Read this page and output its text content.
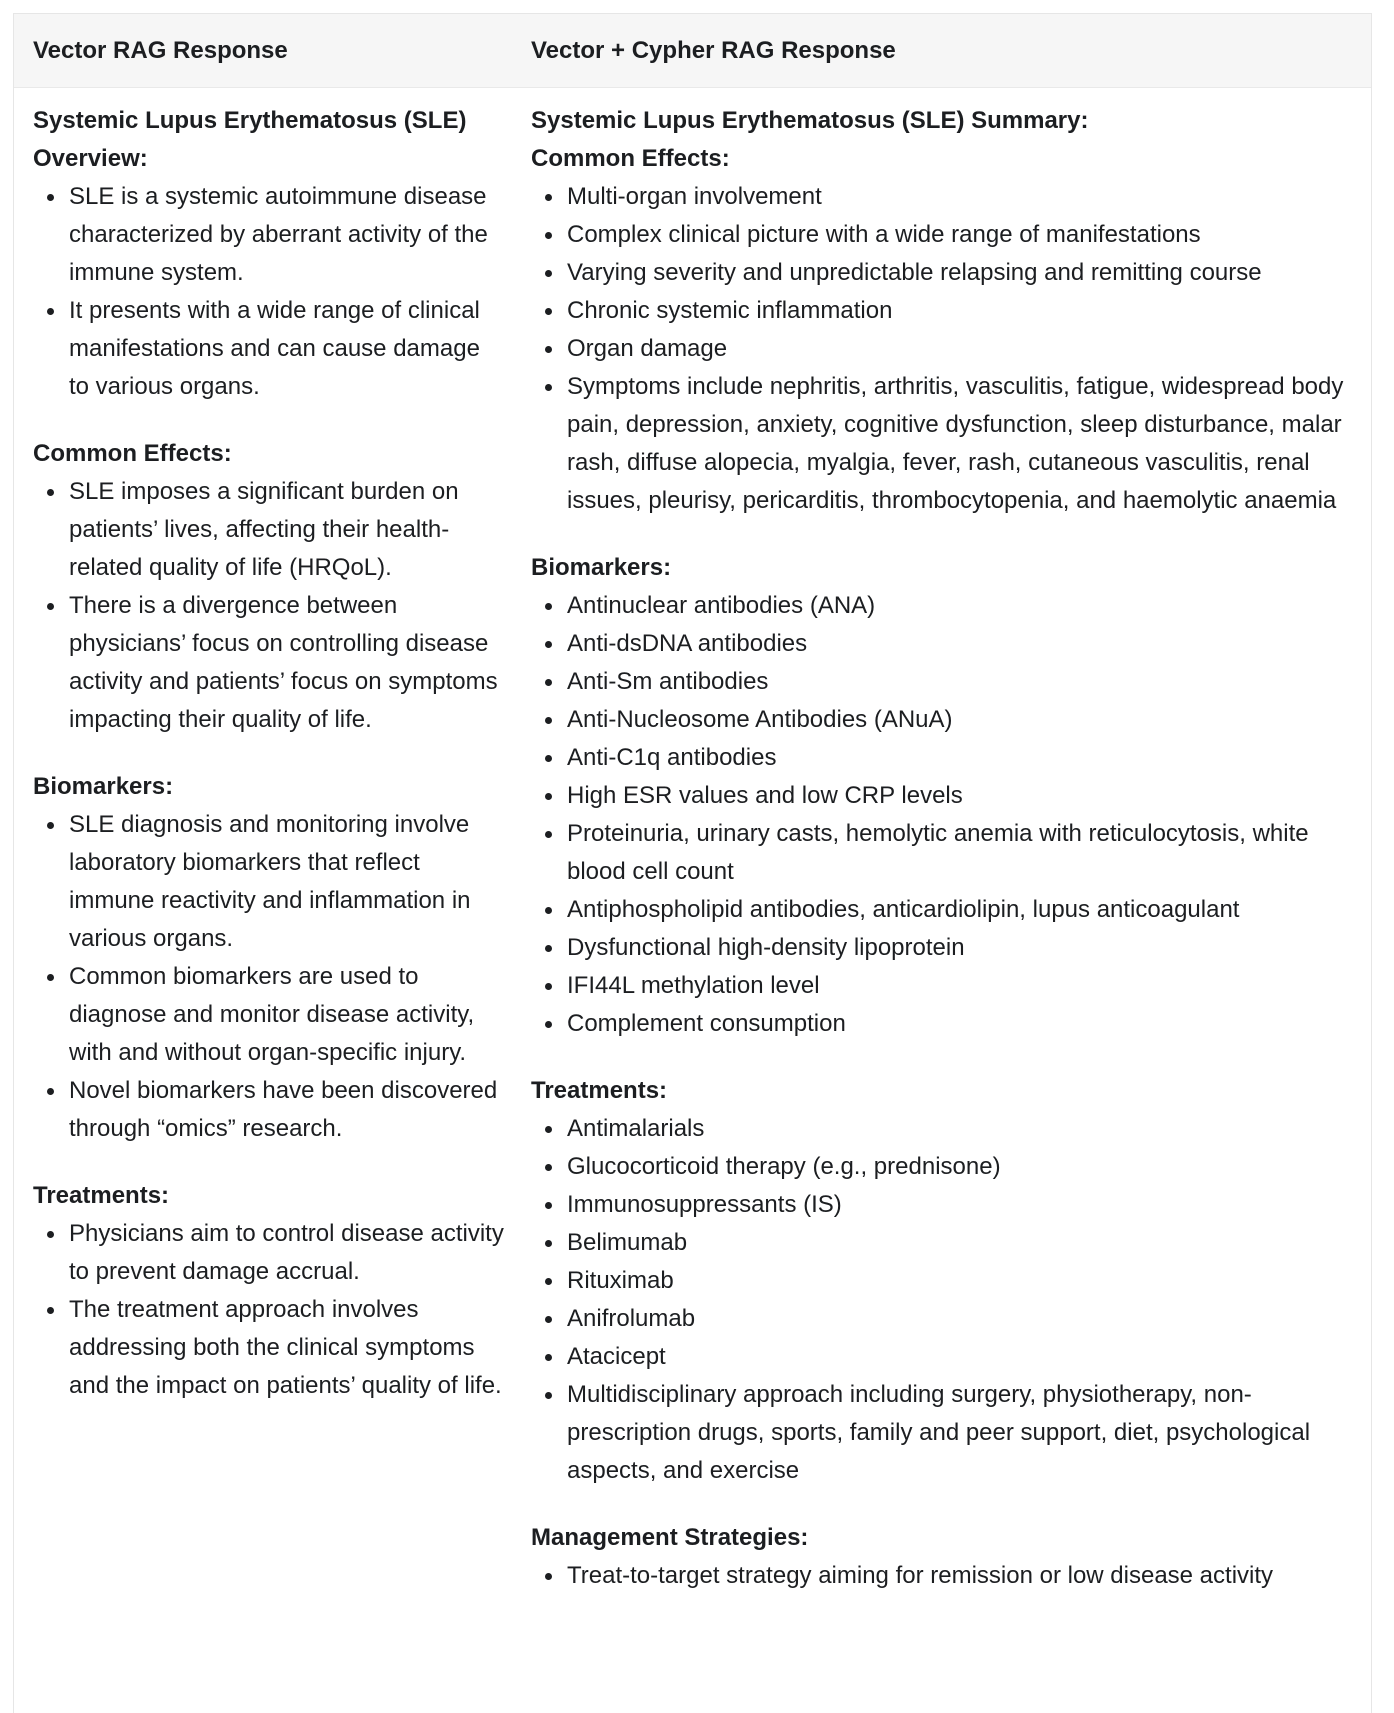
Vector RAG Response	Vector + Cypher RAG Response

Systemic Lupus Erythematosus (SLE)

Overview:

SLE is a systemic autoimmune disease characterized by aberrant activity of the immune system.
It presents with a wide range of clinical manifestations and can cause damage to various organs.

Common Effects:

SLE imposes a significant burden on patients’ lives, affecting their health-related quality of life (HRQoL).
There is a divergence between physicians’ focus on controlling disease activity and patients’ focus on symptoms impacting their quality of life.

Biomarkers:

SLE diagnosis and monitoring involve laboratory biomarkers that reflect immune reactivity and inflammation in various organs.
Common biomarkers are used to diagnose and monitor disease activity, with and without organ-specific injury.
Novel biomarkers have been discovered through “omics” research.

Treatments:

Physicians aim to control disease activity to prevent damage accrual.
The treatment approach involves addressing both the clinical symptoms and the impact on patients’ quality of life.

Systemic Lupus Erythematosus (SLE) Summary:

Common Effects:

Multi-organ involvement
Complex clinical picture with a wide range of manifestations
Varying severity and unpredictable relapsing and remitting course
Chronic systemic inflammation
Organ damage
Symptoms include nephritis, arthritis, vasculitis, fatigue, widespread body pain, depression, anxiety, cognitive dysfunction, sleep disturbance, malar rash, diffuse alopecia, myalgia, fever, rash, cutaneous vasculitis, renal issues, pleurisy, pericarditis, thrombocytopenia, and haemolytic anaemia

Biomarkers:

Antinuclear antibodies (ANA)
Anti-dsDNA antibodies
Anti-Sm antibodies
Anti-Nucleosome Antibodies (ANuA)
Anti-C1q antibodies
High ESR values and low CRP levels
Proteinuria, urinary casts, hemolytic anemia with reticulocytosis, white blood cell count
Antiphospholipid antibodies, anticardiolipin, lupus anticoagulant
Dysfunctional high-density lipoprotein
IFI44L methylation level
Complement consumption

Treatments:

Antimalarials
Glucocorticoid therapy (e.g., prednisone)
Immunosuppressants (IS)
Belimumab
Rituximab
Anifrolumab
Atacicept
Multidisciplinary approach including surgery, physiotherapy, non-prescription drugs, sports, family and peer support, diet, psychological aspects, and exercise

Management Strategies:

Treat-to-target strategy aiming for remission or low disease activity
